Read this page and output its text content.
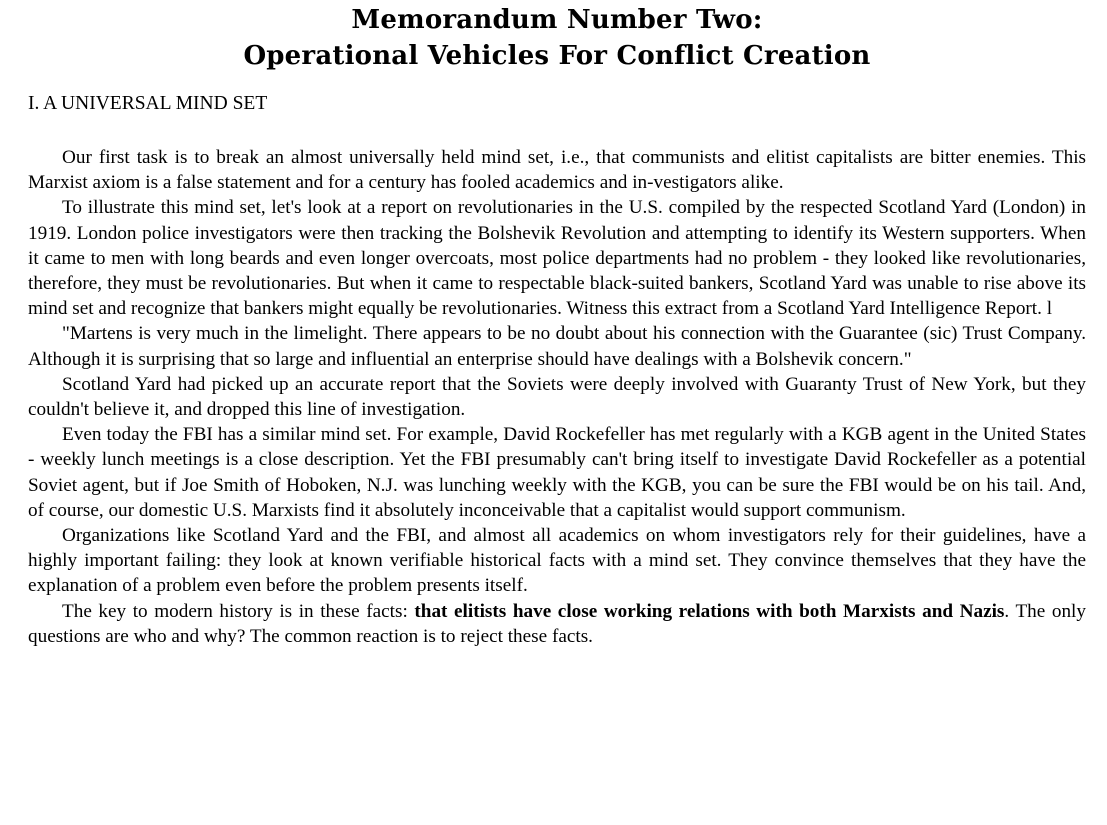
Memorandum Number Two:
Operational Vehicles For Conflict Creation
I. A UNIVERSAL MIND SET

Our first task is to break an almost universally held mind set, i.e., that communists and elitist capitalists are bitter enemies. This Marxist axiom is a false statement and for a century has fooled academics and in-vestigators alike.

To illustrate this mind set, let's look at a report on revolutionaries in the U.S. compiled by the respected Scotland Yard (London) in 1919. London police investigators were then tracking the Bolshevik Revolution and attempting to identify its Western supporters. When it came to men with long beards and even longer overcoats, most police departments had no problem - they looked like revolutionaries, therefore, they must be revolutionaries. But when it came to respectable black-suited bankers, Scotland Yard was unable to rise above its mind set and recognize that bankers might equally be revolutionaries. Witness this extract from a Scotland Yard Intelligence Report. l

"Martens is very much in the limelight. There appears to be no doubt about his connection with the Guarantee (sic) Trust Company. Although it is surprising that so large and influential an enterprise should have dealings with a Bolshevik concern."

Scotland Yard had picked up an accurate report that the Soviets were deeply involved with Guaranty Trust of New York, but they couldn't believe it, and dropped this line of investigation.

Even today the FBI has a similar mind set. For example, David Rockefeller has met regularly with a KGB agent in the United States - weekly lunch meetings is a close description. Yet the FBI presumably can't bring itself to investigate David Rockefeller as a potential Soviet agent, but if Joe Smith of Hoboken, N.J. was lunching weekly with the KGB, you can be sure the FBI would be on his tail. And, of course, our domestic U.S. Marxists find it absolutely inconceivable that a capitalist would support communism.

Organizations like Scotland Yard and the FBI, and almost all academics on whom investigators rely for their guidelines, have a highly important failing: they look at known verifiable historical facts with a mind set. They convince themselves that they have the explanation of a problem even before the problem presents itself.

The key to modern history is in these facts: that elitists have close working relations with both Marxists and Nazis. The only questions are who and why? The common reaction is to reject these facts.
